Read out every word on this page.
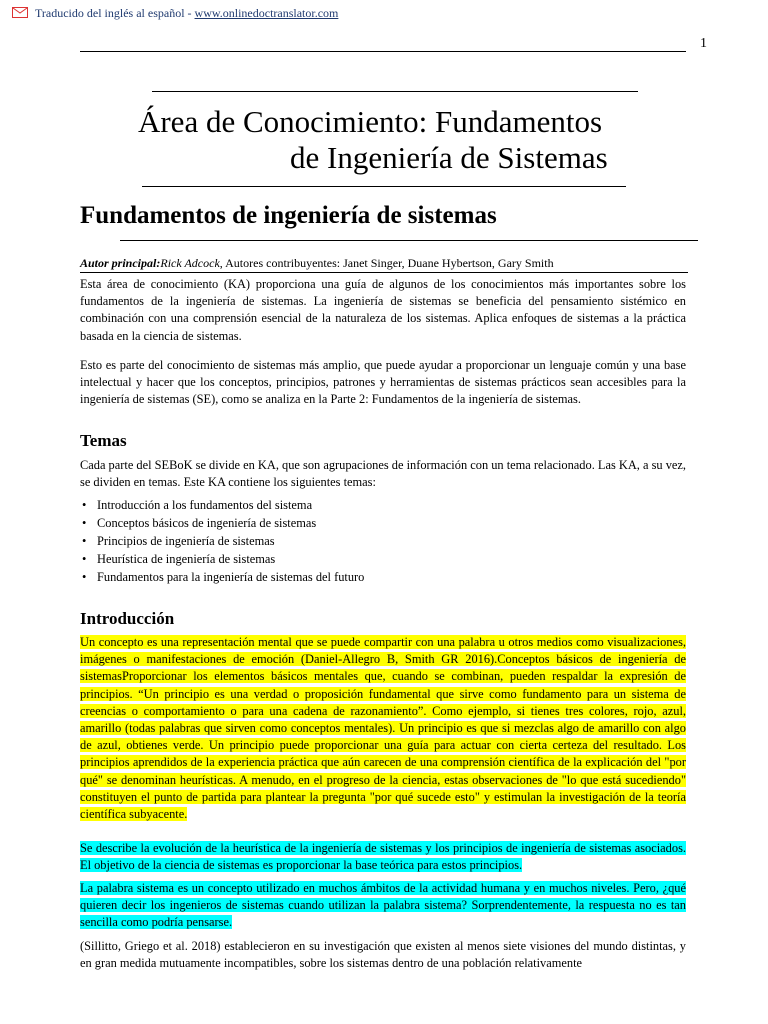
Traducido del inglés al español - www.onlinedoctranslator.com
1
Área de Conocimiento: Fundamentos
de Ingeniería de Sistemas
Fundamentos de ingeniería de sistemas
Autor principal:Rick Adcock, Autores contribuyentes: Janet Singer, Duane Hybertson, Gary Smith

Esta área de conocimiento (KA) proporciona una guía de algunos de los conocimientos más importantes sobre los fundamentos de la ingeniería de sistemas. La ingeniería de sistemas se beneficia del pensamiento sistémico en combinación con una comprensión esencial de la naturaleza de los sistemas. Aplica enfoques de sistemas a la práctica basada en la ciencia de sistemas.

Esto es parte del conocimiento de sistemas más amplio, que puede ayudar a proporcionar un lenguaje común y una base intelectual y hacer que los conceptos, principios, patrones y herramientas de sistemas prácticos sean accesibles para la ingeniería de sistemas (SE), como se analiza en la Parte 2: Fundamentos de la ingeniería de sistemas.

Temas

Cada parte del SEBoK se divide en KA, que son agrupaciones de información con un tema relacionado. Las KA, a su vez, se dividen en temas. Este KA contiene los siguientes temas:

• Introducción a los fundamentos del sistema
• Conceptos básicos de ingeniería de sistemas
• Principios de ingeniería de sistemas
• Heurística de ingeniería de sistemas
• Fundamentos para la ingeniería de sistemas del futuro
Introducción

Un concepto es una representación mental que se puede compartir con una palabra u otros medios como visualizaciones, imágenes o manifestaciones de emoción (Daniel-Allegro B, Smith GR 2016).Conceptos básicos de ingeniería de sistemasProporcionar los elementos básicos mentales que, cuando se combinan, pueden respaldar la expresión de principios. “Un principio es una verdad o proposición fundamental que sirve como fundamento para un sistema de creencias o comportamiento o para una cadena de razonamiento”. Como ejemplo, si tienes tres colores, rojo, azul, amarillo (todas palabras que sirven como conceptos mentales). Un principio es que si mezclas algo de amarillo con algo de azul, obtienes verde. Un principio puede proporcionar una guía para actuar con cierta certeza del resultado. Los principios aprendidos de la experiencia práctica que aún carecen de una comprensión científica de la explicación del "por qué" se denominan heurísticas. A menudo, en el progreso de la ciencia, estas observaciones de "lo que está sucediendo" constituyen el punto de partida para plantear la pregunta "por qué sucede esto" y estimulan la investigación de la teoría científica subyacente.

Se describe la evolución de la heurística de la ingeniería de sistemas y los principios de ingeniería de sistemas asociados. El objetivo de la ciencia de sistemas es proporcionar la base teórica para estos principios.

La palabra sistema es un concepto utilizado en muchos ámbitos de la actividad humana y en muchos niveles. Pero, ¿qué quieren decir los ingenieros de sistemas cuando utilizan la palabra sistema? Sorprendentemente, la respuesta no es tan sencilla como podría pensarse.

(Sillitto, Griego et al. 2018) establecieron en su investigación que existen al menos siete visiones del mundo distintas, y en gran medida mutuamente incompatibles, sobre los sistemas dentro de una población relativamente
